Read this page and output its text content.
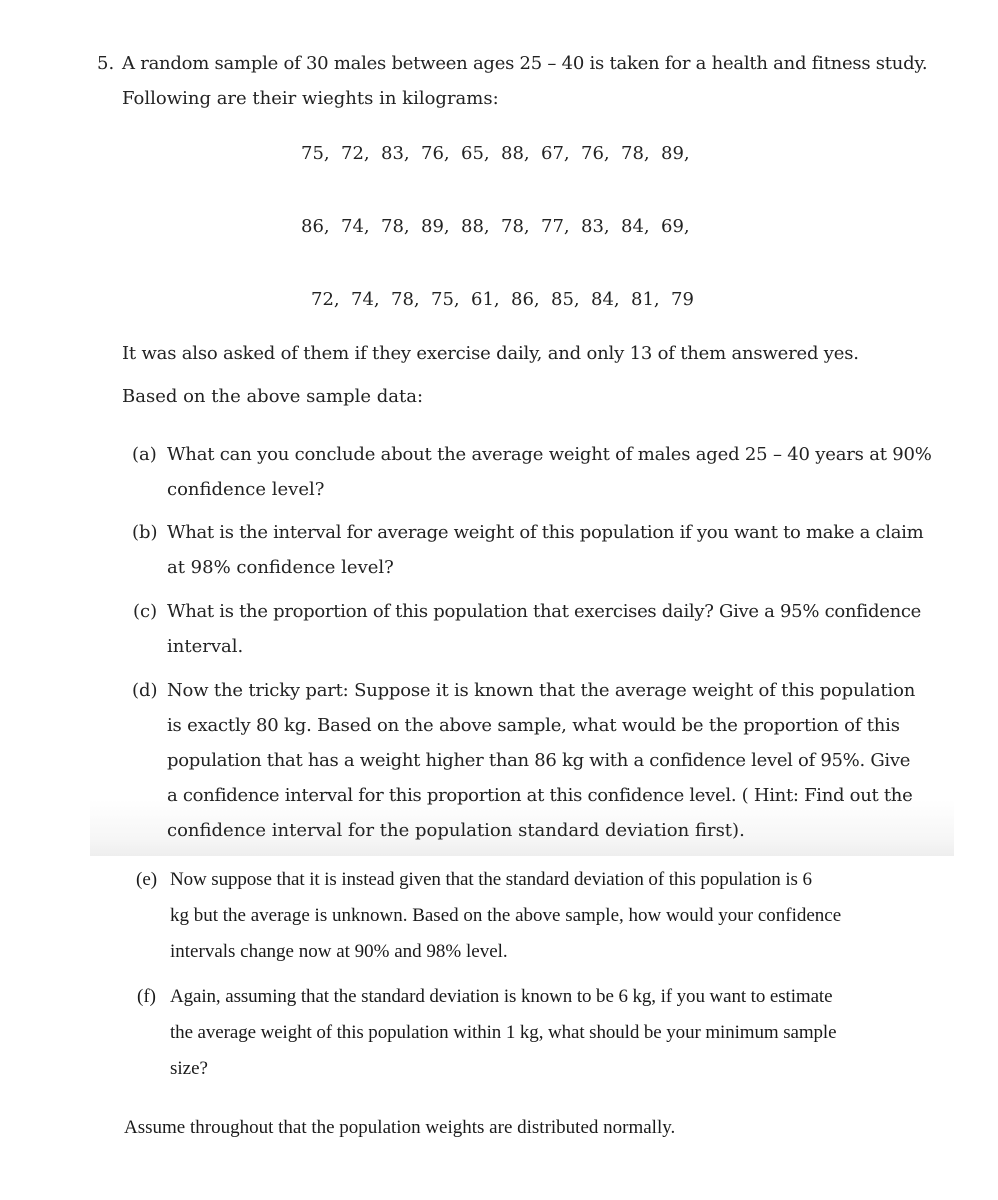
5. A random sample of 30 males between ages 25 – 40 is taken for a health and fitness study.
Following are their wieghts in kilograms:
75, 72, 83, 76, 65, 88, 67, 76, 78, 89,
86, 74, 78, 89, 88, 78, 77, 83, 84, 69,
72, 74, 78, 75, 61, 86, 85, 84, 81, 79
It was also asked of them if they exercise daily, and only 13 of them answered yes.
Based on the above sample data:
(a) What can you conclude about the average weight of males aged 25 – 40 years at 90%
confidence level?
(b) What is the interval for average weight of this population if you want to make a claim
at 98% confidence level?
(c) What is the proportion of this population that exercises daily? Give a 95% confidence
interval.
(d) Now the tricky part: Suppose it is known that the average weight of this population
is exactly 80 kg. Based on the above sample, what would be the proportion of this
population that has a weight higher than 86 kg with a confidence level of 95%. Give
a confidence interval for this proportion at this confidence level. ( Hint: Find out the
confidence interval for the population standard deviation first).
(e) Now suppose that it is instead given that the standard deviation of this population is 6
kg but the average is unknown. Based on the above sample, how would your confidence
intervals change now at 90% and 98% level.
(f) Again, assuming that the standard deviation is known to be 6 kg, if you want to estimate
the average weight of this population within 1 kg, what should be your minimum sample
size?
Assume throughout that the population weights are distributed normally.
